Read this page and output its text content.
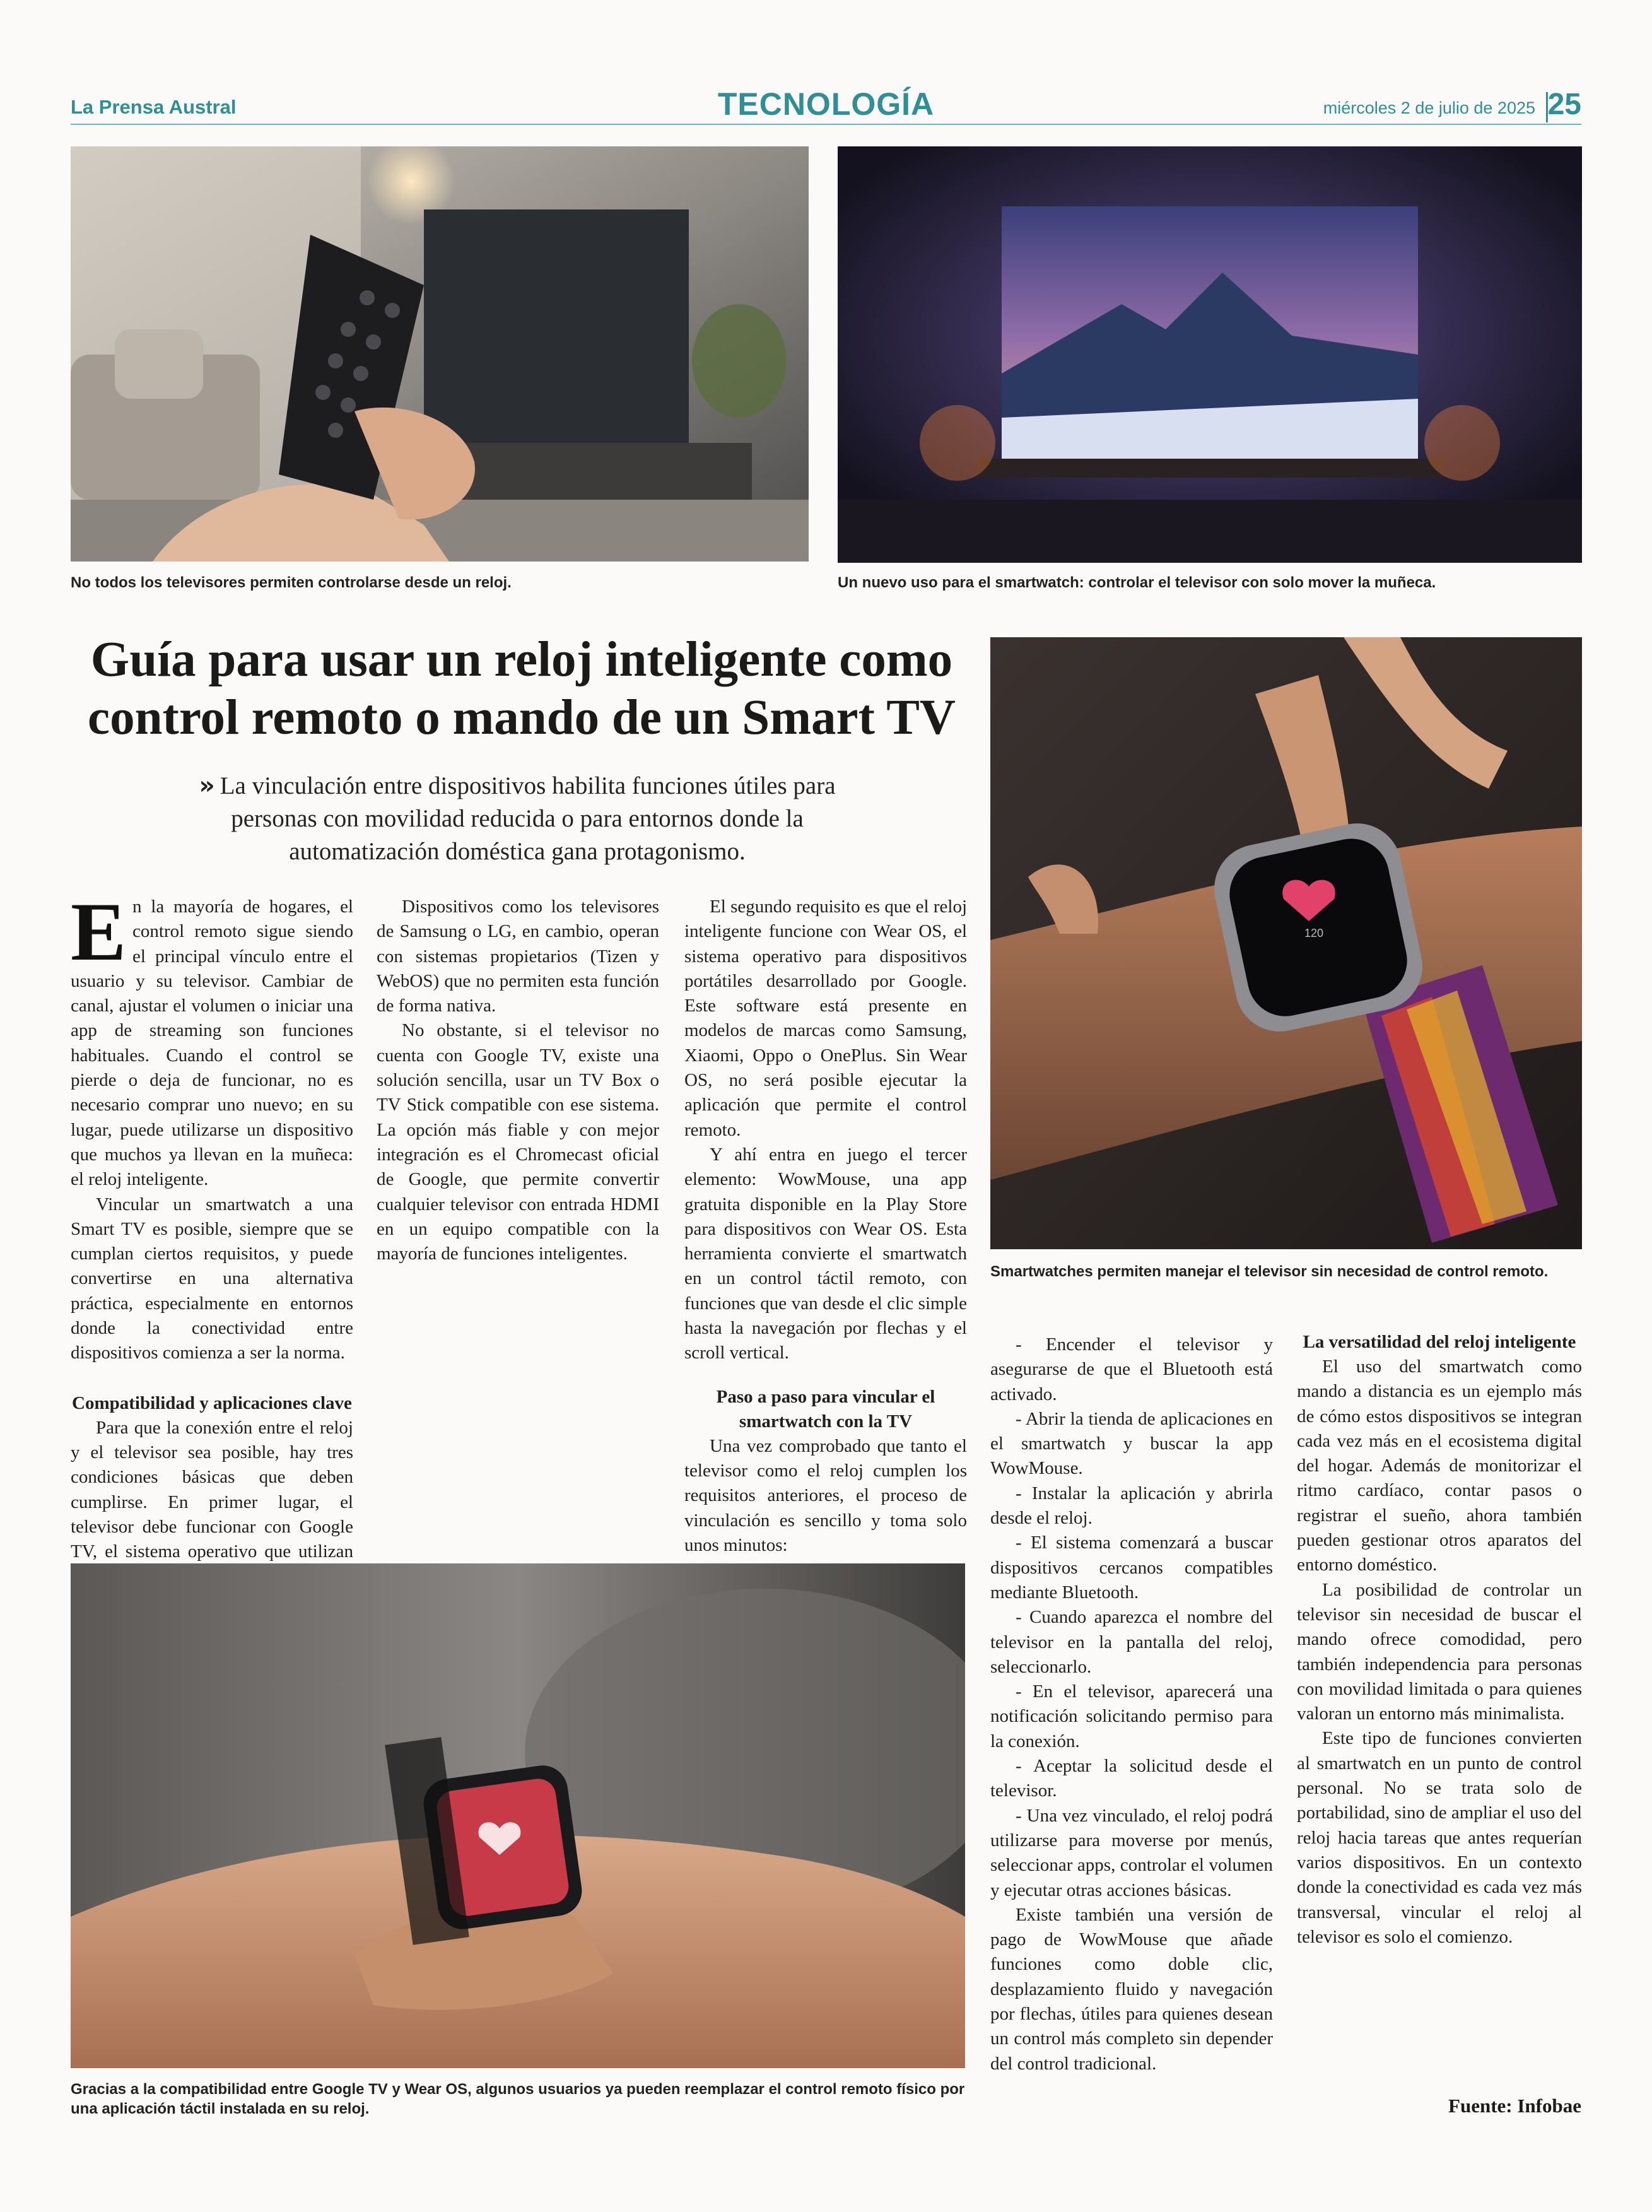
La Prensa Austral	TECNOLOGÍA	miércoles 2 de julio de 2025 25
No todos los televisores permiten controlarse desde un reloj.	Un nuevo uso para el smartwatch: controlar el televisor con solo mover la muñeca.
Guía para usar un reloj inteligente como control remoto o mando de un Smart TV
» La vinculación entre dispositivos habilita funciones útiles para personas con movilidad reducida o para entornos donde la automatización doméstica gana protagonismo.
120
Smartwatches permiten manejar el televisor sin necesidad de control remoto.
E n la mayoría de hogares, el control remoto sigue siendo el principal vínculo entre el usuario y su televisor. Cambiar de canal, ajustar el volumen o iniciar una app de streaming son funciones habituales. Cuando el control se pierde o deja de funcionar, no es necesario comprar uno nuevo; en su lugar, puede utilizarse un dispositivo que muchos ya llevan en la muñeca: el reloj inteligente.

Vincular un smartwatch a una Smart TV es posible, siempre que se cumplan ciertos requisitos, y puede convertirse en una alternativa práctica, especialmente en entornos donde la conectividad entre dispositivos comienza a ser la norma.

Compatibilidad y aplicaciones clave

Para que la conexión entre el reloj y el televisor sea posible, hay tres condiciones básicas que deben cumplirse. En primer lugar, el televisor debe funcionar con Google TV, el sistema operativo que utilizan

Dispositivos como los televisores de Samsung o LG, en cambio, operan con sistemas propietarios (Tizen y WebOS) que no permiten esta función de forma nativa.

No obstante, si el televisor no cuenta con Google TV, existe una solución sencilla, usar un TV Box o TV Stick compatible con ese sistema. La opción más fiable y con mejor integración es el Chromecast oficial de Google, que permite convertir cualquier televisor con entrada HDMI en un equipo compatible con la mayoría de funciones inteligentes.

El segundo requisito es que el reloj inteligente funcione con Wear OS, el sistema operativo para dispositivos portátiles desarrollado por Google. Este software está presente en modelos de marcas como Samsung, Xiaomi, Oppo o OnePlus. Sin Wear OS, no será posible ejecutar la aplicación que permite el control remoto.

Y ahí entra en juego el tercer elemento: WowMouse, una app gratuita disponible en la Play Store para dispositivos con Wear OS. Esta herramienta convierte el smartwatch en un control táctil remoto, con funciones que van desde el clic simple hasta la navegación por flechas y el scroll vertical.

Paso a paso para vincular el smartwatch con la TV

Una vez comprobado que tanto el televisor como el reloj cumplen los requisitos anteriores, el proceso de vinculación es sencillo y toma solo unos minutos:

Gracias a la compatibilidad entre Google TV y Wear OS, algunos usuarios ya pueden reemplazar el control remoto físico por una aplicación táctil instalada en su reloj.

- Encender el televisor y asegurarse de que el Bluetooth está activado.

- Abrir la tienda de aplicaciones en el smartwatch y buscar la app WowMouse.

- Instalar la aplicación y abrirla desde el reloj.

- El sistema comenzará a buscar dispositivos cercanos compatibles mediante Bluetooth.

- Cuando aparezca el nombre del televisor en la pantalla del reloj, seleccionarlo.

- En el televisor, aparecerá una notificación solicitando permiso para la conexión.

- Aceptar la solicitud desde el televisor.

- Una vez vinculado, el reloj podrá utilizarse para moverse por menús, seleccionar apps, controlar el volumen y ejecutar otras acciones básicas.

Existe también una versión de pago de WowMouse que añade funciones como doble clic, desplazamiento fluido y navegación por flechas, útiles para quienes desean un control más completo sin depender del control tradicional.

La versatilidad del reloj inteligente

El uso del smartwatch como mando a distancia es un ejemplo más de cómo estos dispositivos se integran cada vez más en el ecosistema digital del hogar. Además de monitorizar el ritmo cardíaco, contar pasos o registrar el sueño, ahora también pueden gestionar otros aparatos del entorno doméstico.

La posibilidad de controlar un televisor sin necesidad de buscar el mando ofrece comodidad, pero también independencia para personas con movilidad limitada o para quienes valoran un entorno más minimalista.

Este tipo de funciones convierten al smartwatch en un punto de control personal. No se trata solo de portabilidad, sino de ampliar el uso del reloj hacia tareas que antes requerían varios dispositivos. En un contexto donde la conectividad es cada vez más transversal, vincular el reloj al televisor es solo el comienzo.

Fuente: Infobae
